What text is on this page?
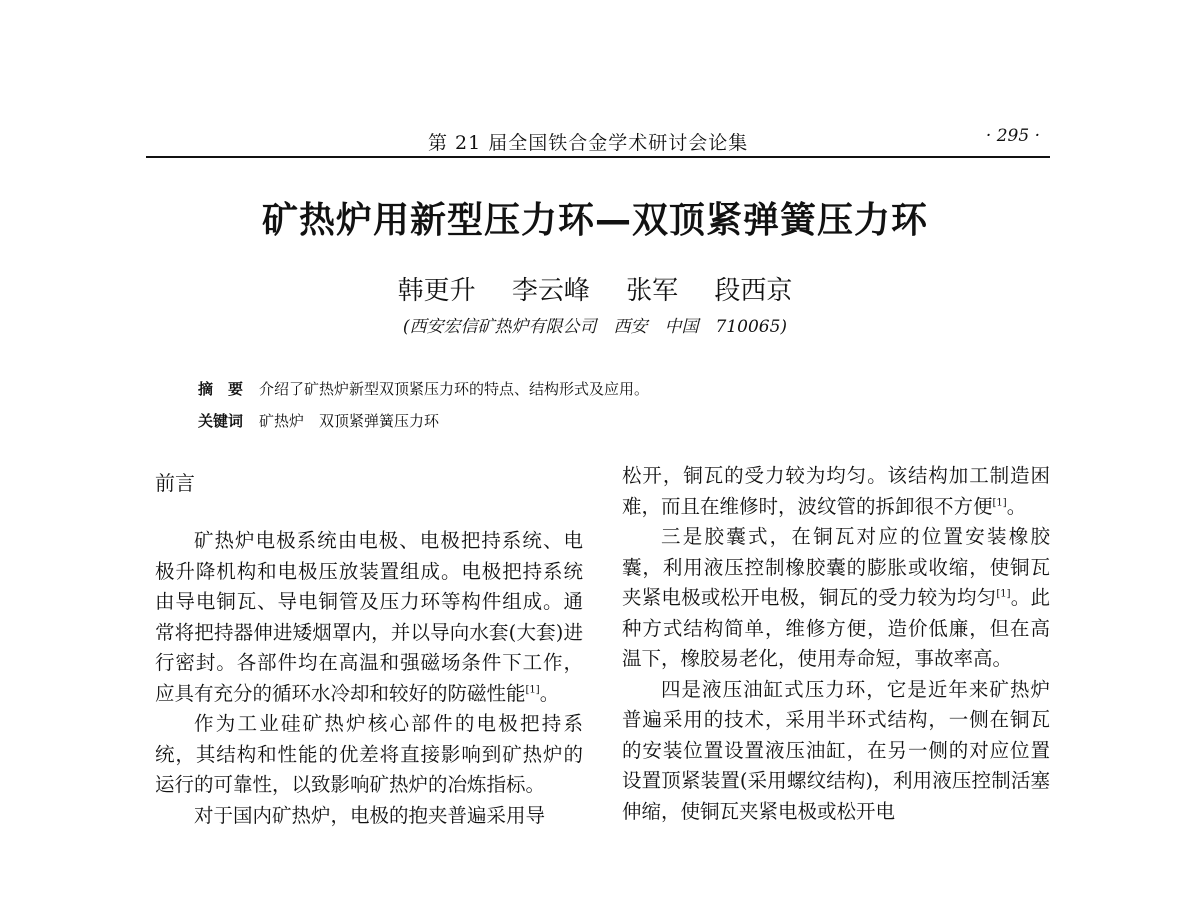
第 21 届全国铁合金学术研讨会论集	· 295 ·
矿热炉用新型压力环—双顶紧弹簧压力环
韩更升 李云峰 张军 段西京
(西安宏信矿热炉有限公司　西安　中国　710065)
摘　要 介绍了矿热炉新型双顶紧压力环的特点、结构形式及应用。
关键词 矿热炉　双顶紧弹簧压力环
前言

矿热炉电极系统由电极、电极把持系统、电极升降机构和电极压放装置组成。电极把持系统由导电铜瓦、导电铜管及压力环等构件组成。通常将把持器伸进矮烟罩内，并以导向水套(大套)进行密封。各部件均在高温和强磁场条件下工作，应具有充分的循环水冷却和较好的防磁性能[1]。

作为工业硅矿热炉核心部件的电极把持系统，其结构和性能的优差将直接影响到矿热炉的运行的可靠性，以致影响矿热炉的冶炼指标。

对于国内矿热炉，电极的抱夹普遍采用导

松开，铜瓦的受力较为均匀。该结构加工制造困难，而且在维修时，波纹管的拆卸很不方便[1]。

三是胶囊式，在铜瓦对应的位置安装橡胶囊，利用液压控制橡胶囊的膨胀或收缩，使铜瓦夹紧电极或松开电极，铜瓦的受力较为均匀[1]。此种方式结构简单，维修方便，造价低廉，但在高温下，橡胶易老化，使用寿命短，事故率高。

四是液压油缸式压力环，它是近年来矿热炉普遍采用的技术，采用半环式结构，一侧在铜瓦的安装位置设置液压油缸，在另一侧的对应位置设置顶紧装置(采用螺纹结构)，利用液压控制活塞伸缩，使铜瓦夹紧电极或松开电
